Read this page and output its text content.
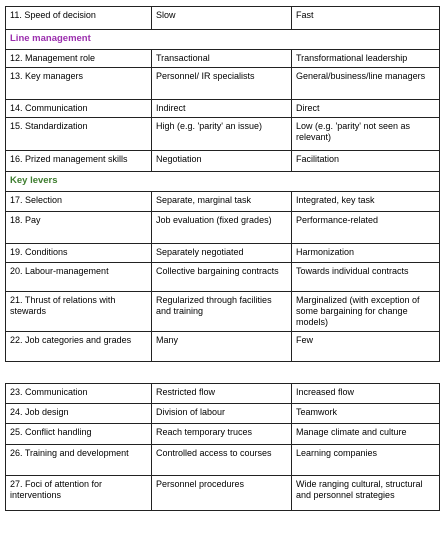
11. Speed of decision	Slow	Fast
Line management		
12. Management role	Transactional	Transformational leadership
13. Key managers	Personnel/ IR specialists	General/business/line managers
14. Communication	Indirect	Direct
15. Standardization	High (e.g. 'parity' an issue)	Low (e.g. 'parity' not seen as relevant)
16. Prized management skills	Negotiation	Facilitation
Key levers		
17. Selection	Separate, marginal task	Integrated, key task
18. Pay	Job evaluation (fixed grades)	Performance-related
19. Conditions	Separately negotiated	Harmonization
20. Labour-management	Collective bargaining contracts	Towards individual contracts
21. Thrust of relations with stewards	Regularized through facilities and training	Marginalized (with exception of some bargaining for change models)
22. Job categories and grades	Many	Few

23. Communication	Restricted flow	Increased flow
24. Job design	Division of labour	Teamwork
25. Conflict handling	Reach temporary truces	Manage climate and culture
26. Training and development	Controlled access to courses	Learning companies
27. Foci of attention for interventions	Personnel procedures	Wide ranging cultural, structural and personnel strategies
